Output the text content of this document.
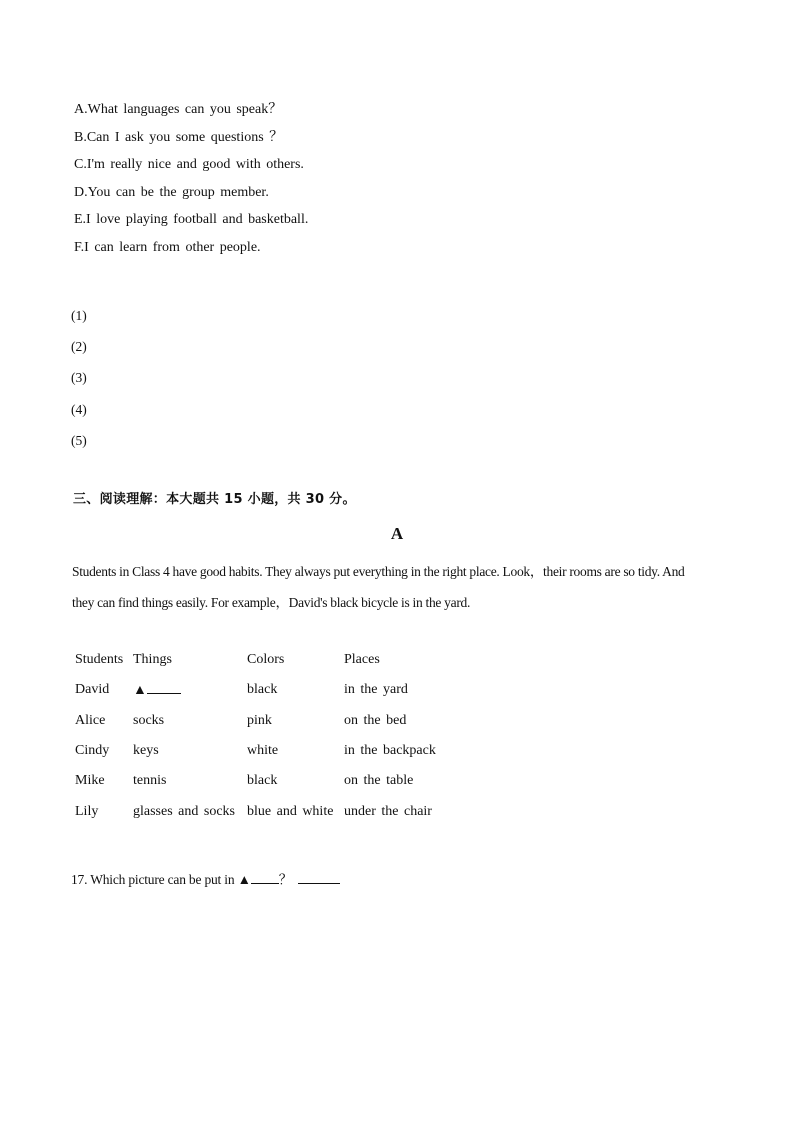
A.What languages can you speak？
B.Can I ask you some questions ？
C.I'm really nice and good with others.
D.You can be the group member.
E.I love playing football and basketball.
F.I can learn from other people.
(1)
(2)
(3)
(4)
(5)

三、阅读理解：本大题共 15 小题，共 30 分。

A

Students in Class 4 have good habits. They always put everything in the right place. Look，their rooms are so tidy. And they can find things easily. For example，David's black bicycle is in the yard.

Students	Things	Colors	Places
David	▲	black	in the yard
Alice	socks	pink	on the bed
Cindy	keys	white	in the backpack
Mike	tennis	black	on the table
Lily	glasses and socks	blue and white	under the chair

17. Which picture can be put in ▲ ？
